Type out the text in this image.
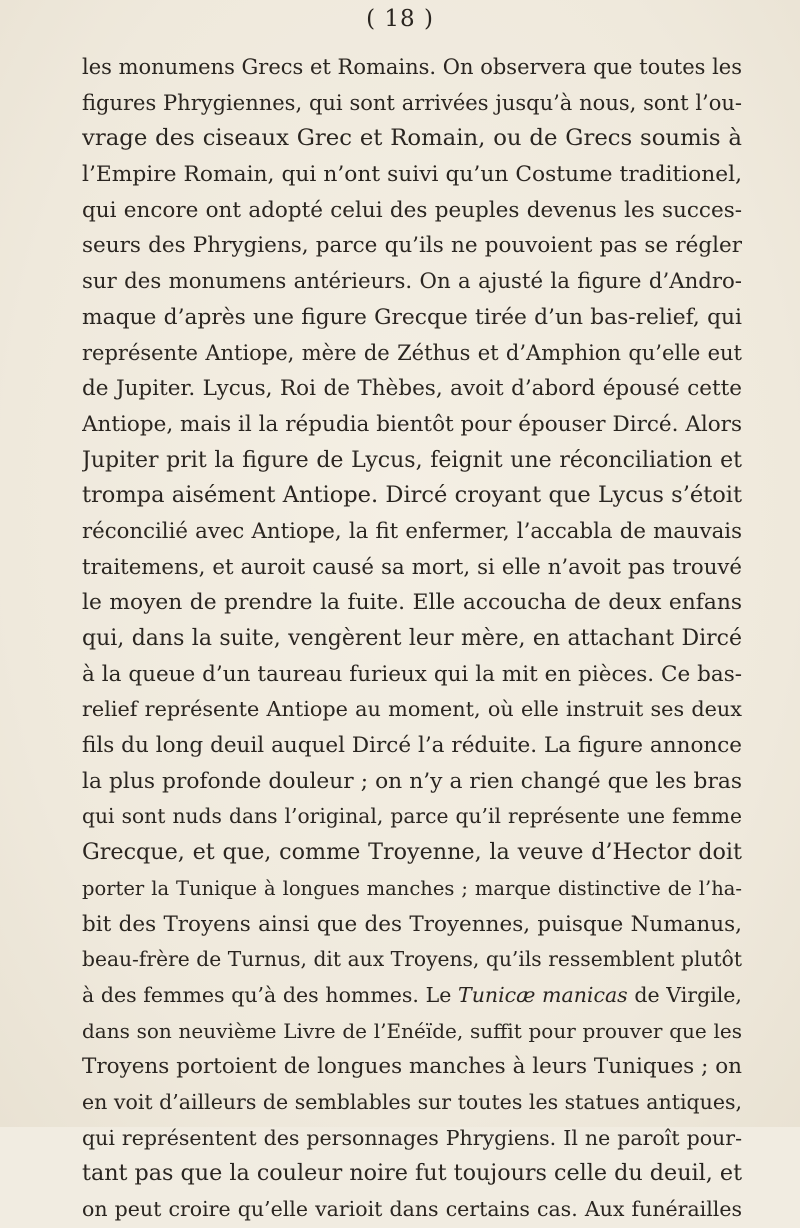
( 18 )
les monumens Grecs et Romains. On observera que toutes les
figures Phrygiennes, qui sont arrivées jusqu’à nous, sont l’ou-
vrage des ciseaux Grec et Romain, ou de Grecs soumis à
l’Empire Romain, qui n’ont suivi qu’un Costume traditionel,
qui encore ont adopté celui des peuples devenus les succes-
seurs des Phrygiens, parce qu’ils ne pouvoient pas se régler
sur des monumens antérieurs. On a ajusté la figure d’Andro-
maque d’après une figure Grecque tirée d’un bas-relief, qui
représente Antiope, mère de Zéthus et d’Amphion qu’elle eut
de Jupiter. Lycus, Roi de Thèbes, avoit d’abord épousé cette
Antiope, mais il la répudia bientôt pour épouser Dircé. Alors
Jupiter prit la figure de Lycus, feignit une réconciliation et
trompa aisément Antiope. Dircé croyant que Lycus s’étoit
réconcilié avec Antiope, la fit enfermer, l’accabla de mauvais
traitemens, et auroit causé sa mort, si elle n’avoit pas trouvé
le moyen de prendre la fuite. Elle accoucha de deux enfans
qui, dans la suite, vengèrent leur mère, en attachant Dircé
à la queue d’un taureau furieux qui la mit en pièces. Ce bas-
relief représente Antiope au moment, où elle instruit ses deux
fils du long deuil auquel Dircé l’a réduite. La figure annonce
la plus profonde douleur ; on n’y a rien changé que les bras
qui sont nuds dans l’original, parce qu’il représente une femme
Grecque, et que, comme Troyenne, la veuve d’Hector doit
porter la Tunique à longues manches ; marque distinctive de l’ha-
bit des Troyens ainsi que des Troyennes, puisque Numanus,
beau-frère de Turnus, dit aux Troyens, qu’ils ressemblent plutôt
à des femmes qu’à des hommes. Le Tunicæ manicas de Virgile,
dans son neuvième Livre de l’Enéïde, suffit pour prouver que les
Troyens portoient de longues manches à leurs Tuniques ; on
en voit d’ailleurs de semblables sur toutes les statues antiques,
qui représentent des personnages Phrygiens. Il ne paroît pour-
tant pas que la couleur noire fut toujours celle du deuil, et
on peut croire qu’elle varioit dans certains cas. Aux funérailles
